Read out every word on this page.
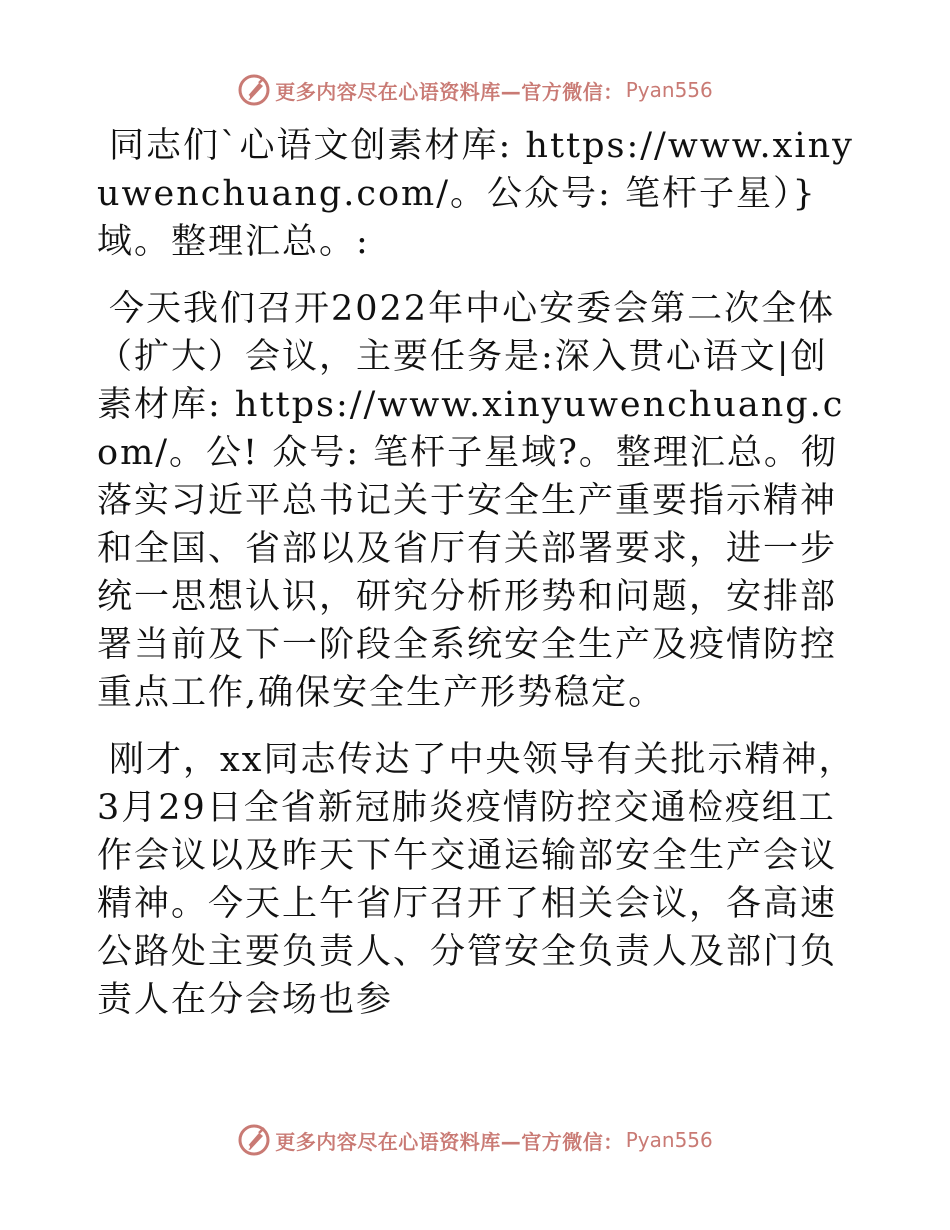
更多内容尽在心语资料库—官方微信： Pyan556

同志们`心语文创素材库: https://www.xinyuwenchuang.com/。公众号: 笔杆子星）}域。整理汇总。:

今天我们召开2022年中心安委会第二次全体（扩大）会议，主要任务是:深入贯心语文|创素材库: https://www.xinyuwenchuang.com/。公! 众号: 笔杆子星域?。整理汇总。彻落实习近平总书记关于安全生产重要指示精神和全国、省部以及省厅有关部署要求，进一步统一思想认识，研究分析形势和问题，安排部署当前及下一阶段全系统安全生产及疫情防控重点工作,确保安全生产形势稳定。

刚才，xx同志传达了中央领导有关批示精神，3月29日全省新冠肺炎疫情防控交通检疫组工作会议以及昨天下午交通运输部安全生产会议精神。今天上午省厅召开了相关会议，各高速公路处主要负责人、分管安全负责人及部门负责人在分会场也参

更多内容尽在心语资料库—官方微信： Pyan556
